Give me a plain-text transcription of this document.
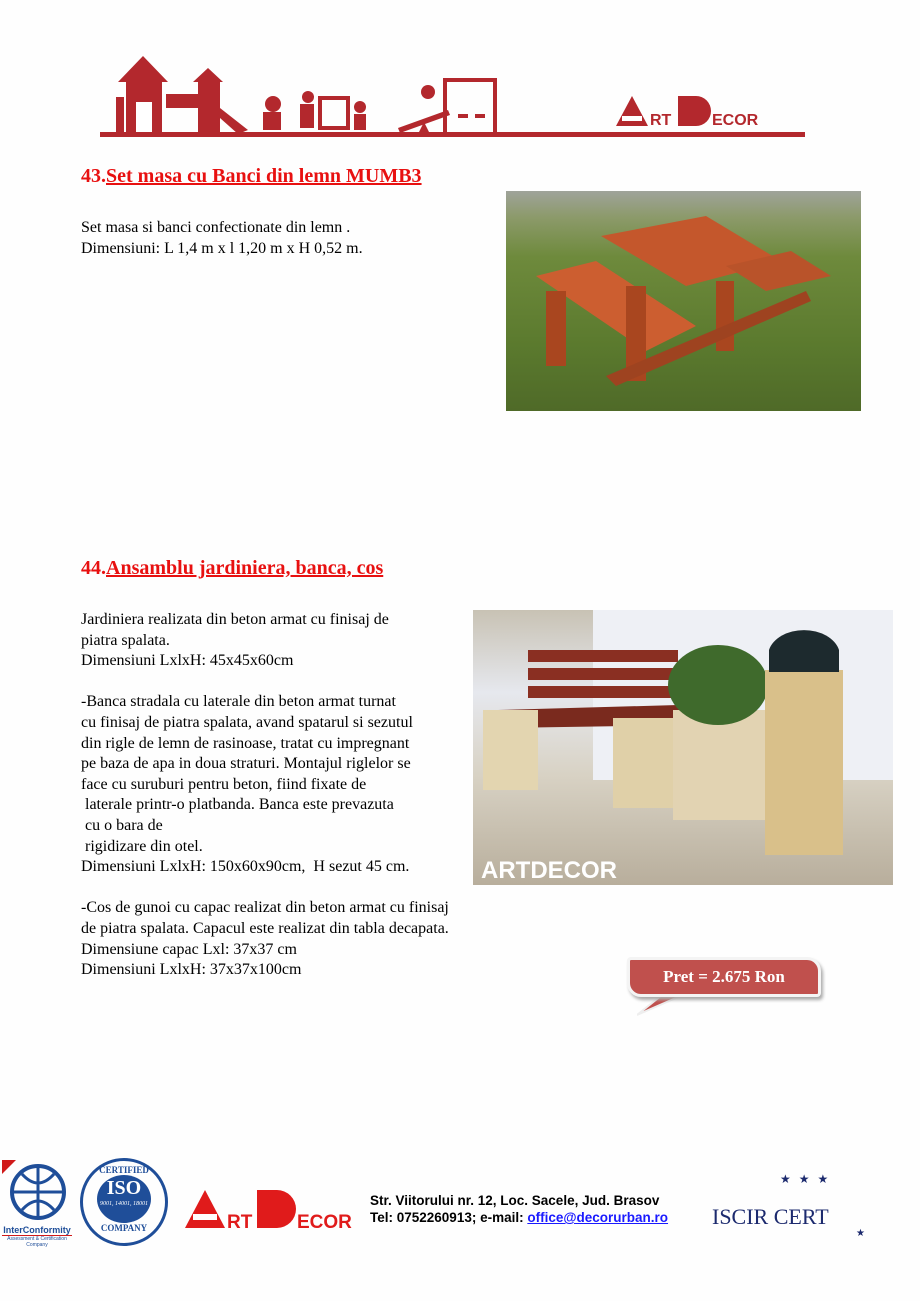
RT	ECOR
43.Set masa cu Banci din lemn MUMB3
Set masa si banci confectionate din lemn .
Dimensiuni: L 1,4 m x l 1,20 m x H 0,52 m.
44.Ansamblu jardiniera, banca, cos
Jardiniera realizata din beton armat cu finisaj de
piatra spalata.
Dimensiuni LxlxH: 45x45x60cm
-Banca stradala cu laterale din beton armat turnat
cu finisaj de piatra spalata, avand spatarul si sezutul
din rigle de lemn de rasinoase, tratat cu impregnant
pe baza de apa in doua straturi. Montajul riglelor se
face cu suruburi pentru beton, fiind fixate de
laterale printr-o platbanda. Banca este prevazuta
cu o bara de
rigidizare din otel.
Dimensiuni LxlxH: 150x60x90cm,  H sezut 45 cm.
-Cos de gunoi cu capac realizat din beton armat cu finisaj
de piatra spalata. Capacul este realizat din tabla decapata.
Dimensiune capac Lxl: 37x37 cm
Dimensiuni LxlxH: 37x37x100cm
ARTDECOR
Pret = 2.675 Ron
InterConformity
Assessment & Certification Company
CERTIFIED
ISO
9001, 14001, 18001
COMPANY	RT ECOR
Str. Viitorului nr. 12, Loc. Sacele, Jud. Brasov
Tel: 0752260913; e-mail: office@decorurban.ro
★★★
ISCIR CERT
★
